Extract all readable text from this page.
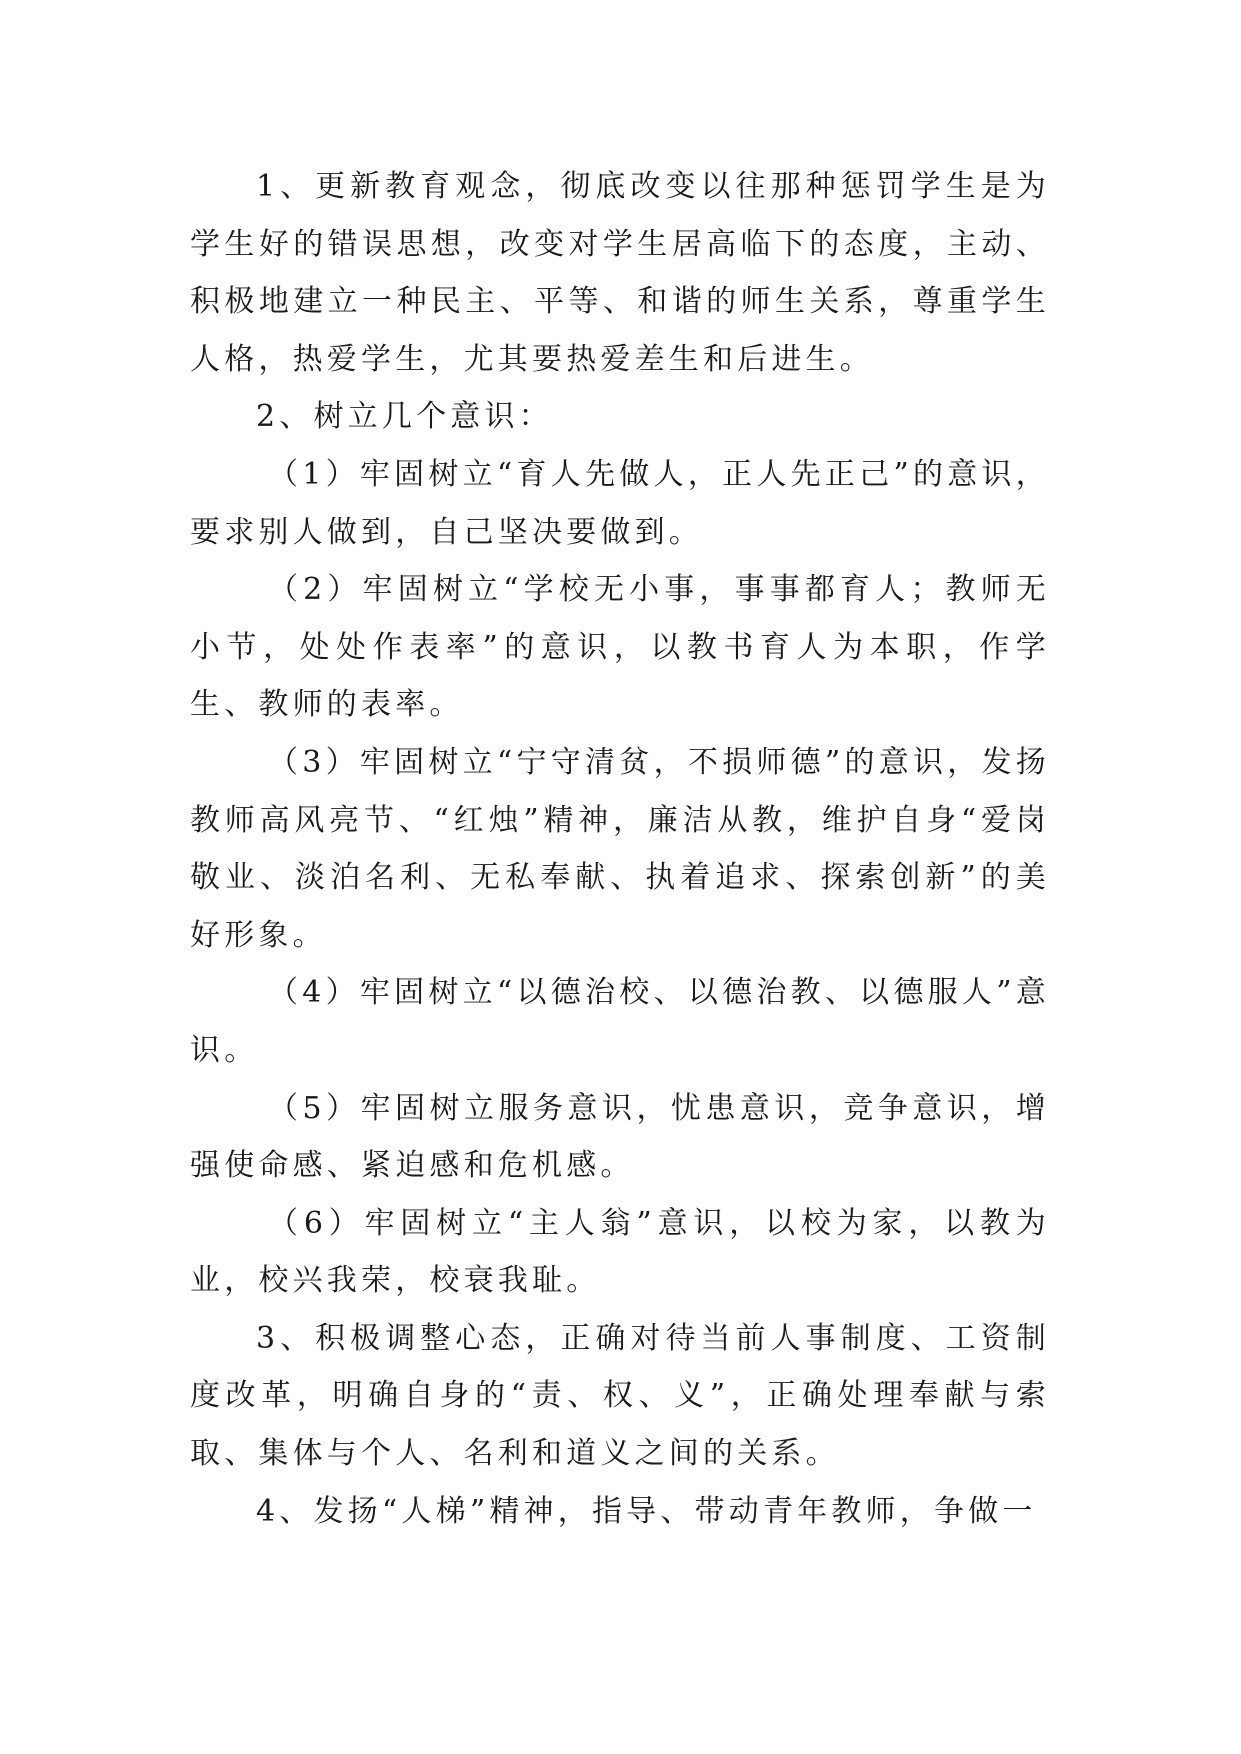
1、更新教育观念，彻底改变以往那种惩罚学生是为学生好的错误思想，改变对学生居高临下的态度，主动、积极地建立一种民主、平等、和谐的师生关系，尊重学生人格，热爱学生，尤其要热爱差生和后进生。

2、树立几个意识：

（1）牢固树立“育人先做人，正人先正己”的意识，要求别人做到，自己坚决要做到。

（2）牢固树立“学校无小事，事事都育人；教师无小节，处处作表率”的意识，以教书育人为本职，作学生、教师的表率。

（3）牢固树立“宁守清贫，不损师德”的意识，发扬教师高风亮节、“红烛”精神，廉洁从教，维护自身“爱岗敬业、淡泊名利、无私奉献、执着追求、探索创新”的美好形象。

（4）牢固树立“以德治校、以德治教、以德服人”意识。

（5）牢固树立服务意识，忧患意识，竞争意识，增强使命感、紧迫感和危机感。

（6）牢固树立“主人翁”意识，以校为家，以教为业，校兴我荣，校衰我耻。

3、积极调整心态，正确对待当前人事制度、工资制度改革，明确自身的“责、权、义”，正确处理奉献与索取、集体与个人、名利和道义之间的关系。

4、发扬“人梯”精神，指导、带动青年教师，争做一
